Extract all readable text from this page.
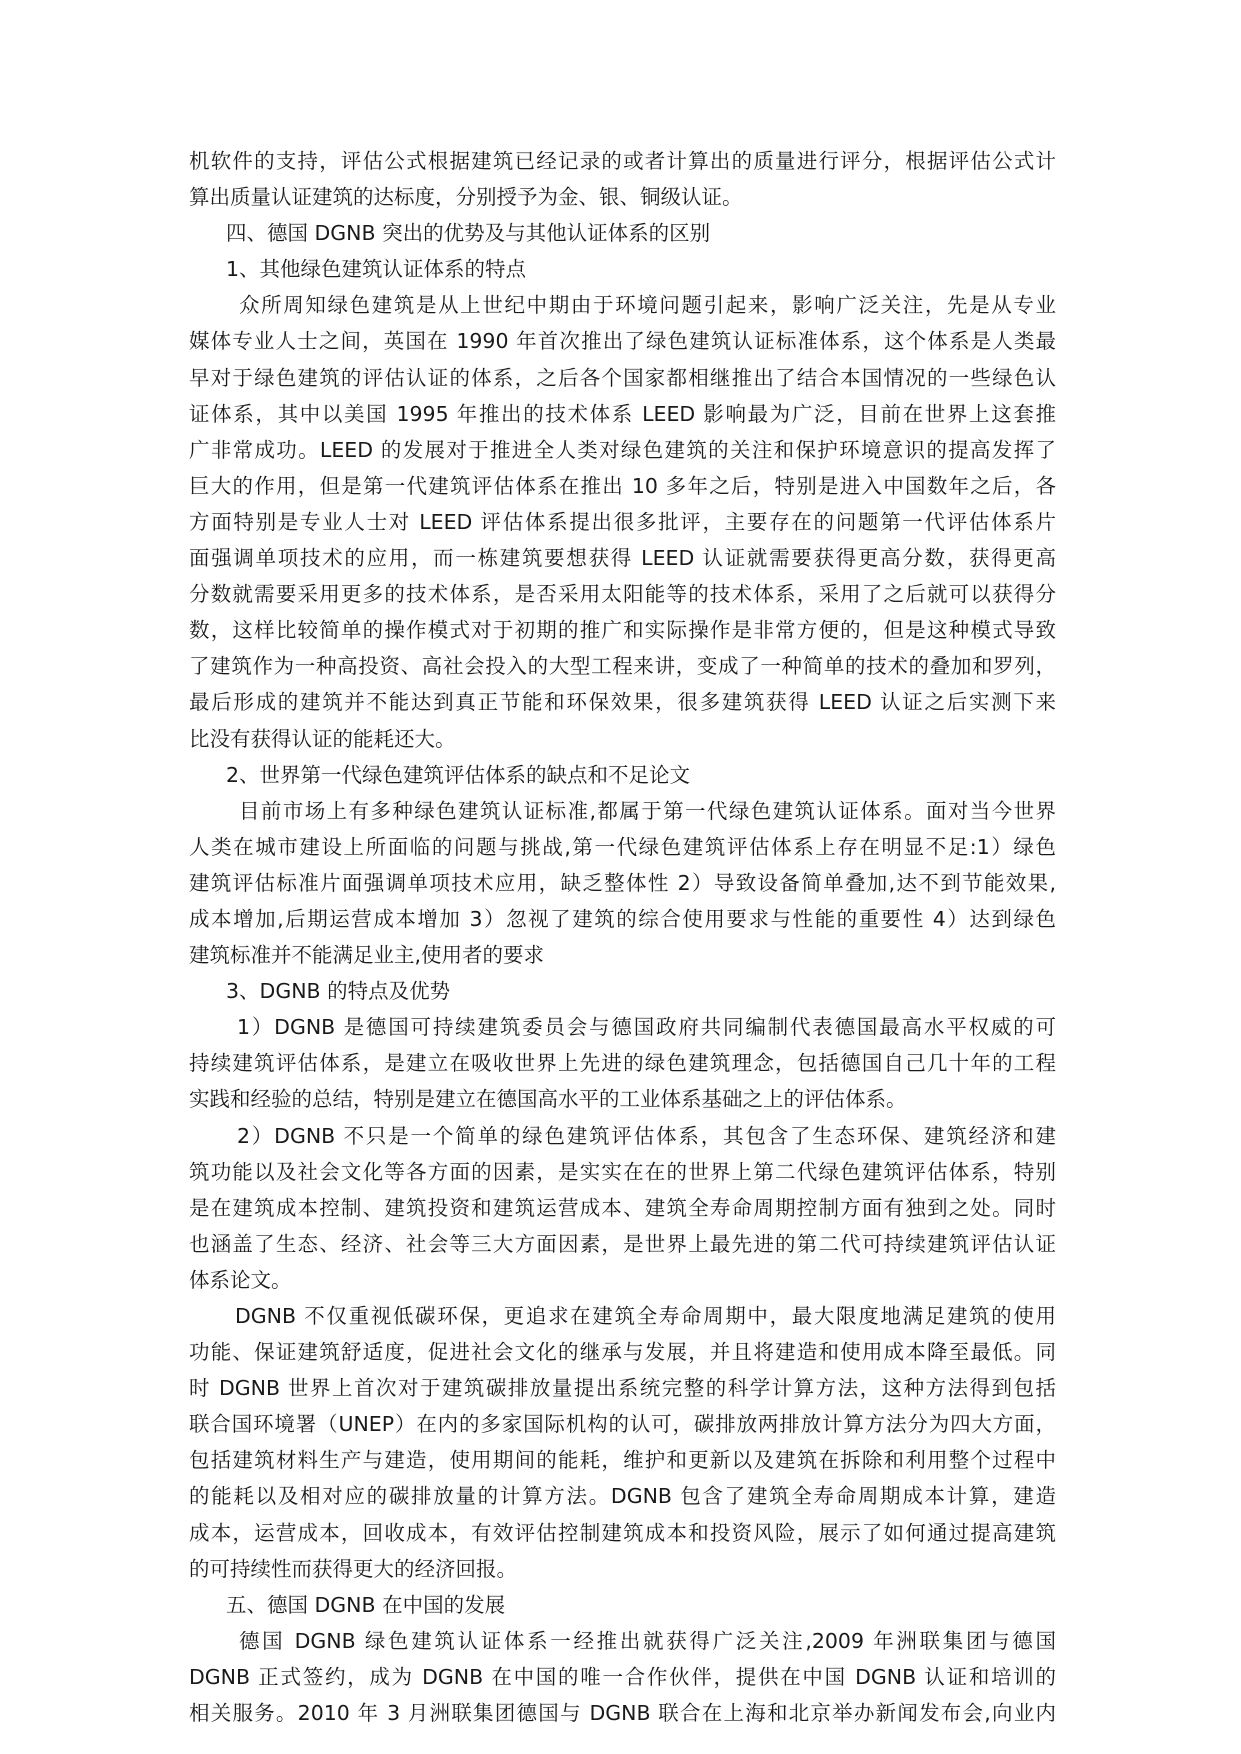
机软件的支持，评估公式根据建筑已经记录的或者计算出的质量进行评分，根据评估公式计
算出质量认证建筑的达标度，分别授予为金、银、铜级认证。
四、德国 DGNB 突出的优势及与其他认证体系的区别
1、其他绿色建筑认证体系的特点
众所周知绿色建筑是从上世纪中期由于环境问题引起来，影响广泛关注，先是从专业
媒体专业人士之间，英国在 1990 年首次推出了绿色建筑认证标准体系，这个体系是人类最
早对于绿色建筑的评估认证的体系，之后各个国家都相继推出了结合本国情况的一些绿色认
证体系，其中以美国 1995 年推出的技术体系 LEED 影响最为广泛，目前在世界上这套推
广非常成功。LEED 的发展对于推进全人类对绿色建筑的关注和保护环境意识的提高发挥了
巨大的作用，但是第一代建筑评估体系在推出 10 多年之后，特别是进入中国数年之后，各
方面特别是专业人士对 LEED 评估体系提出很多批评，主要存在的问题第一代评估体系片
面强调单项技术的应用，而一栋建筑要想获得 LEED 认证就需要获得更高分数，获得更高
分数就需要采用更多的技术体系，是否采用太阳能等的技术体系，采用了之后就可以获得分
数，这样比较简单的操作模式对于初期的推广和实际操作是非常方便的，但是这种模式导致
了建筑作为一种高投资、高社会投入的大型工程来讲，变成了一种简单的技术的叠加和罗列，
最后形成的建筑并不能达到真正节能和环保效果，很多建筑获得 LEED 认证之后实测下来
比没有获得认证的能耗还大。
2、世界第一代绿色建筑评估体系的缺点和不足论文
目前市场上有多种绿色建筑认证标准,都属于第一代绿色建筑认证体系。面对当今世界
人类在城市建设上所面临的问题与挑战,第一代绿色建筑评估体系上存在明显不足:1）绿色
建筑评估标准片面强调单项技术应用，缺乏整体性 2）导致设备简单叠加,达不到节能效果,
成本增加,后期运营成本增加 3）忽视了建筑的综合使用要求与性能的重要性 4）达到绿色
建筑标准并不能满足业主,使用者的要求
3、DGNB 的特点及优势
1）DGNB 是德国可持续建筑委员会与德国政府共同编制代表德国最高水平权威的可
持续建筑评估体系，是建立在吸收世界上先进的绿色建筑理念，包括德国自己几十年的工程
实践和经验的总结，特别是建立在德国高水平的工业体系基础之上的评估体系。
2）DGNB 不只是一个简单的绿色建筑评估体系，其包含了生态环保、建筑经济和建
筑功能以及社会文化等各方面的因素，是实实在在的世界上第二代绿色建筑评估体系，特别
是在建筑成本控制、建筑投资和建筑运营成本、建筑全寿命周期控制方面有独到之处。同时
也涵盖了生态、经济、社会等三大方面因素，是世界上最先进的第二代可持续建筑评估认证
体系论文。
DGNB 不仅重视低碳环保，更追求在建筑全寿命周期中，最大限度地满足建筑的使用
功能、保证建筑舒适度，促进社会文化的继承与发展，并且将建造和使用成本降至最低。同
时 DGNB 世界上首次对于建筑碳排放量提出系统完整的科学计算方法，这种方法得到包括
联合国环境署（UNEP）在内的多家国际机构的认可，碳排放两排放计算方法分为四大方面，
包括建筑材料生产与建造，使用期间的能耗，维护和更新以及建筑在拆除和利用整个过程中
的能耗以及相对应的碳排放量的计算方法。DGNB 包含了建筑全寿命周期成本计算，建造
成本，运营成本，回收成本，有效评估控制建筑成本和投资风险，展示了如何通过提高建筑
的可持续性而获得更大的经济回报。
五、德国 DGNB 在中国的发展
德国 DGNB 绿色建筑认证体系一经推出就获得广泛关注,2009 年洲联集团与德国
DGNB 正式签约，成为 DGNB 在中国的唯一合作伙伴，提供在中国 DGNB 认证和培训的
相关服务。2010 年 3 月洲联集团德国与 DGNB 联合在上海和北京举办新闻发布会,向业内
